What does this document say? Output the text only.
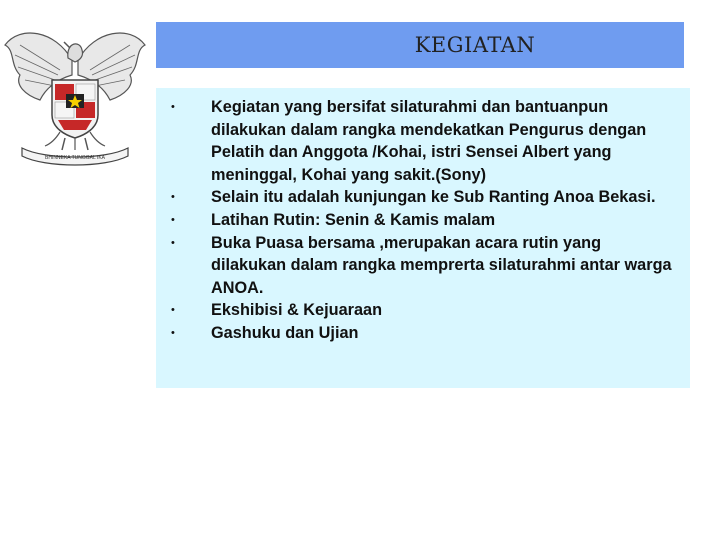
BHINNEKA TUNGGAL IKA
KEGIATAN
• Kegiatan yang bersifat silaturahmi dan bantuanpun dilakukan dalam rangka mendekatkan Pengurus dengan Pelatih dan Anggota /Kohai, istri Sensei Albert yang meninggal, Kohai yang sakit.(Sony)
• Selain itu adalah kunjungan ke Sub Ranting Anoa Bekasi.
• Latihan Rutin: Senin & Kamis malam
• Buka Puasa bersama ,merupakan acara rutin yang dilakukan dalam rangka memprerta silaturahmi antar warga ANOA.
• Ekshibisi & Kejuaraan
• Gashuku dan Ujian
